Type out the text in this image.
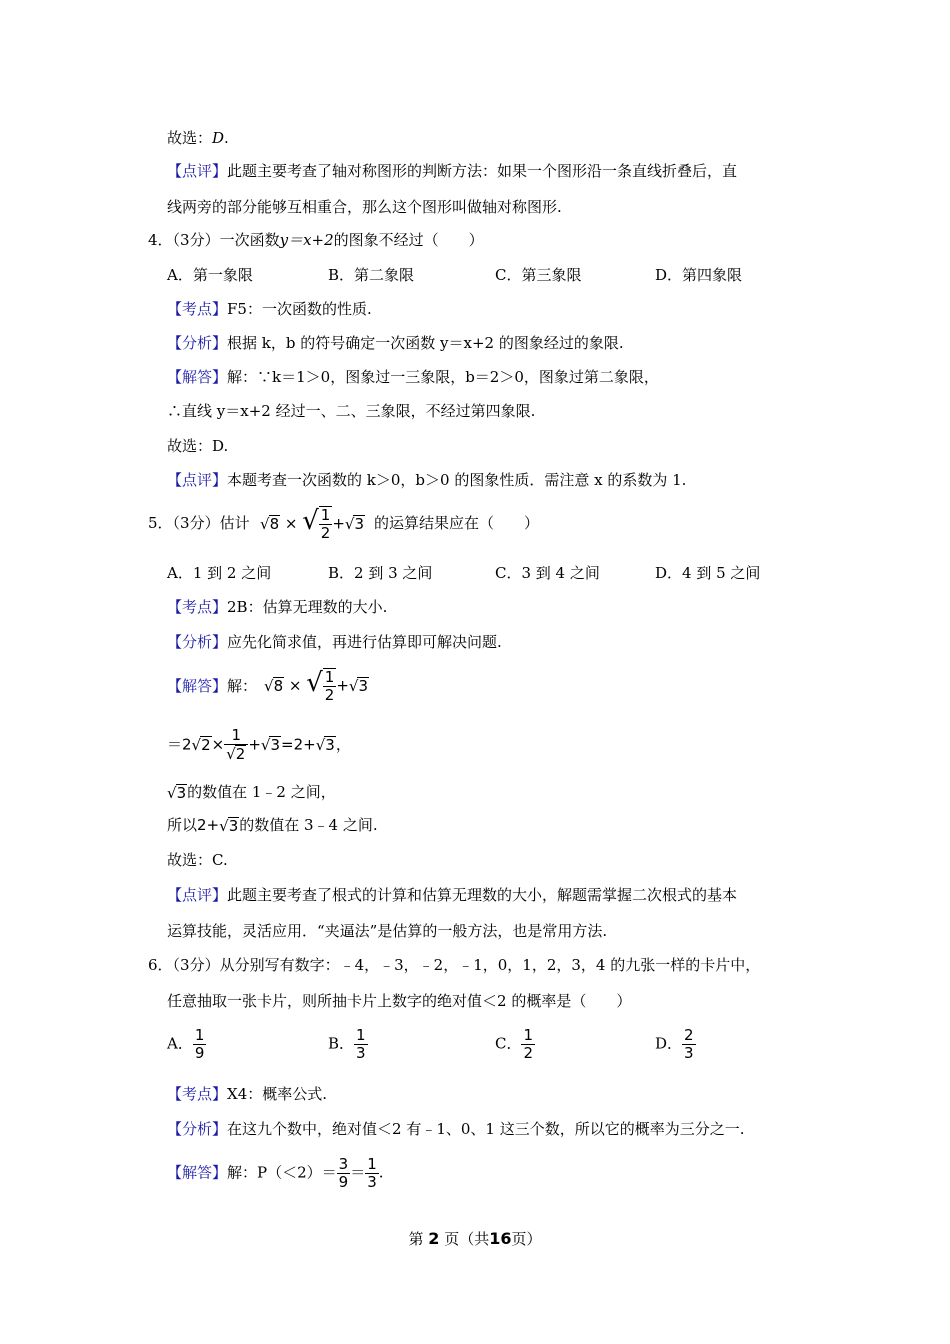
故选：D.
【点评】此题主要考查了轴对称图形的判断方法：如果一个图形沿一条直线折叠后，直
线两旁的部分能够互相重合，那么这个图形叫做轴对称图形.
4．（3分）一次函数y＝x+2的图象不经过（　　）
A．第一象限	B．第二象限	C．第三象限	D．第四象限
【考点】F5：一次函数的性质.
【分析】根据 k，b 的符号确定一次函数 y＝x+2 的图象经过的象限.
【解答】解：∵k＝1＞0，图象过一三象限，b＝2＞0，图象过第二象限，
∴直线 y＝x+2 经过一、二、三象限，不经过第四象限.
故选：D.
【点评】本题考查一次函数的 k＞0，b＞0 的图象性质．需注意 x 的系数为 1.
5．（3分）估计 √8 × √ $\frac{1}{2} +√3$ 的运算结果应在（　　）
A．1 到 2 之间	B．2 到 3 之间	C．3 到 4 之间	D．4 到 5 之间
【考点】2B：估算无理数的大小.
【分析】应先化简求值，再进行估算即可解决问题.
【解答】解： √8 × √ $\frac{1}{2} +√3$
$=2√2\times \frac{1}{√2} +√3=2+√3$，
√3的数值在 1﹣2 之间，
所以2+√3的数值在 3﹣4 之间.
故选：C.
【点评】此题主要考查了根式的计算和估算无理数的大小，解题需掌握二次根式的基本
运算技能，灵活应用．“夹逼法”是估算的一般方法，也是常用方法.
6．（3分）从分别写有数字：﹣4，﹣3，﹣2，﹣1，0，1，2，3，4 的九张一样的卡片中，
任意抽取一张卡片，则所抽卡片上数字的绝对值＜2 的概率是（　　）
A． $\frac{1}{9}$	B． $\frac{1}{3}$	C． $\frac{1}{2}$	D． $\frac{2}{3}$
【考点】X4：概率公式.
【分析】在这九个数中，绝对值＜2 有﹣1、0、1 这三个数，所以它的概率为三分之一.
【解答】解：$P(<2)= \frac{3}{9} = \frac{1}{3}$ .
第 2 页（共16页）
